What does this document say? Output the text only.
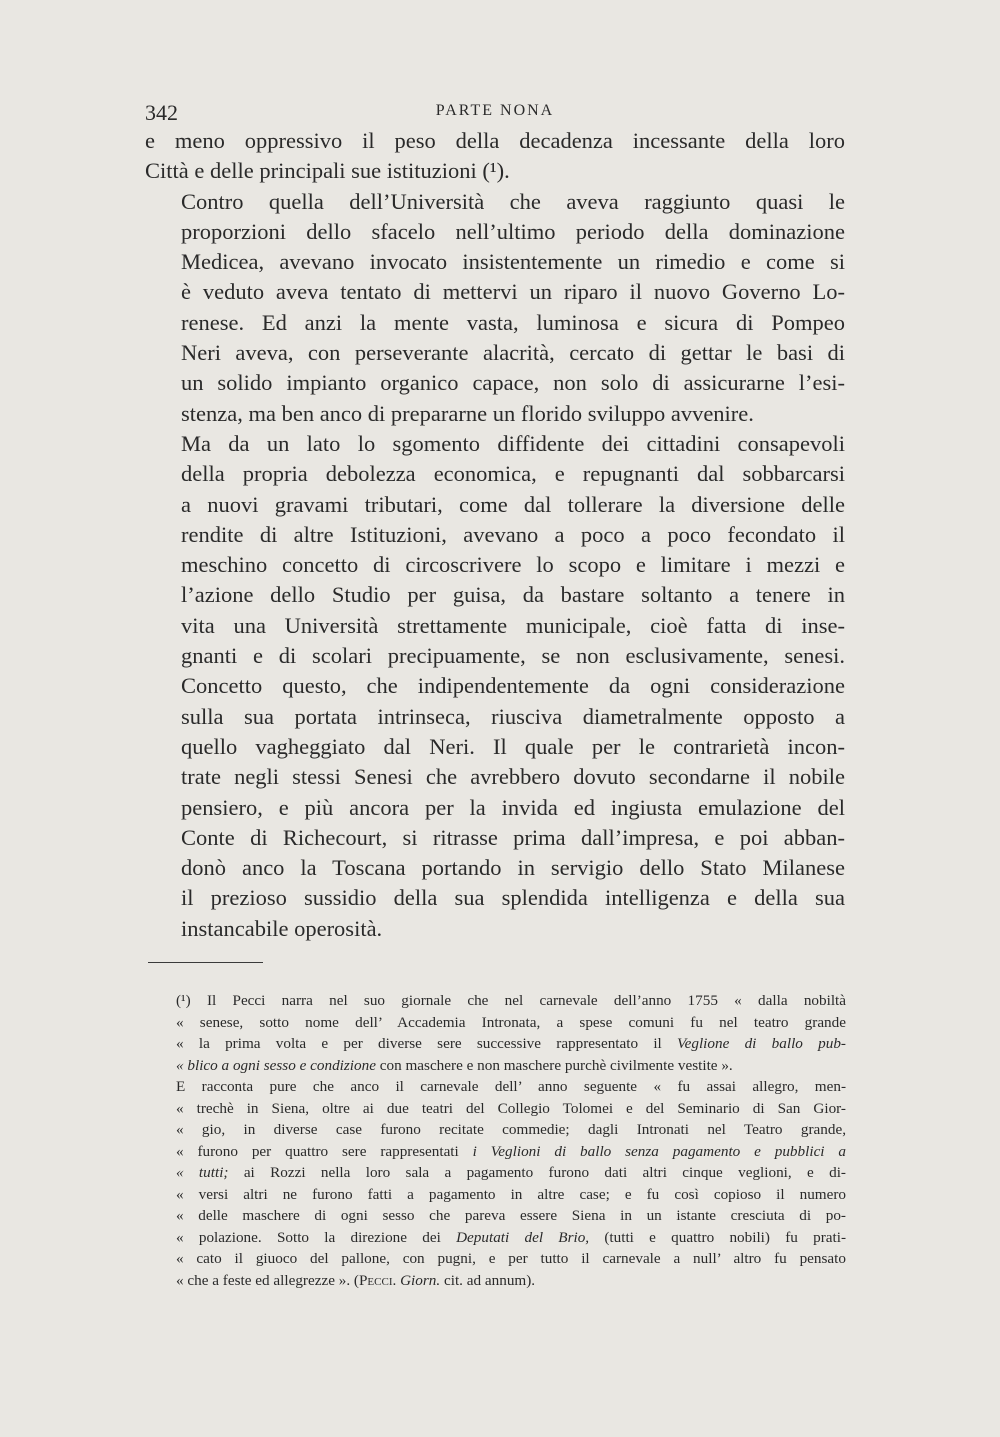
342	PARTE NONA

e meno oppressivo il peso della decadenza incessante della loro
Città e delle principali sue istituzioni (¹).

Contro quella dell’Università che aveva raggiunto quasi le
proporzioni dello sfacelo nell’ultimo periodo della dominazione
Medicea, avevano invocato insistentemente un rimedio e come si
è veduto aveva tentato di mettervi un riparo il nuovo Governo Lo-
renese. Ed anzi la mente vasta, luminosa e sicura di Pompeo
Neri aveva, con perseverante alacrità, cercato di gettar le basi di
un solido impianto organico capace, non solo di assicurarne l’esi-
stenza, ma ben anco di prepararne un florido sviluppo avvenire.

Ma da un lato lo sgomento diffidente dei cittadini consapevoli
della propria debolezza economica, e repugnanti dal sobbarcarsi
a nuovi gravami tributari, come dal tollerare la diversione delle
rendite di altre Istituzioni, avevano a poco a poco fecondato il
meschino concetto di circoscrivere lo scopo e limitare i mezzi e
l’azione dello Studio per guisa, da bastare soltanto a tenere in
vita una Università strettamente municipale, cioè fatta di inse-
gnanti e di scolari precipuamente, se non esclusivamente, senesi.
Concetto questo, che indipendentemente da ogni considerazione
sulla sua portata intrinseca, riusciva diametralmente opposto a
quello vagheggiato dal Neri. Il quale per le contrarietà incon-
trate negli stessi Senesi che avrebbero dovuto secondarne il nobile
pensiero, e più ancora per la invida ed ingiusta emulazione del
Conte di Richecourt, si ritrasse prima dall’impresa, e poi abban-
donò anco la Toscana portando in servigio dello Stato Milanese
il prezioso sussidio della sua splendida intelligenza e della sua
instancabile operosità.

(¹) Il Pecci narra nel suo giornale che nel carnevale dell’anno 1755 « dalla nobiltà
« senese, sotto nome dell’ Accademia Intronata, a spese comuni fu nel teatro grande
« la prima volta e per diverse sere successive rappresentato il Veglione di ballo pub-
« blico a ogni sesso e condizione con maschere e non maschere purchè civilmente vestite ».

E racconta pure che anco il carnevale dell’ anno seguente « fu assai allegro, men-
« trechè in Siena, oltre ai due teatri del Collegio Tolomei e del Seminario di San Gior-
« gio, in diverse case furono recitate commedie; dagli Intronati nel Teatro grande,
« furono per quattro sere rappresentati i Veglioni di ballo senza pagamento e pubblici a
« tutti; ai Rozzi nella loro sala a pagamento furono dati altri cinque veglioni, e di-
« versi altri ne furono fatti a pagamento in altre case; e fu così copioso il numero
« delle maschere di ogni sesso che pareva essere Siena in un istante cresciuta di po-
« polazione. Sotto la direzione dei Deputati del Brio, (tutti e quattro nobili) fu prati-
« cato il giuoco del pallone, con pugni, e per tutto il carnevale a null’ altro fu pensato
« che a feste ed allegrezze ». (Pecci. Giorn. cit. ad annum).
